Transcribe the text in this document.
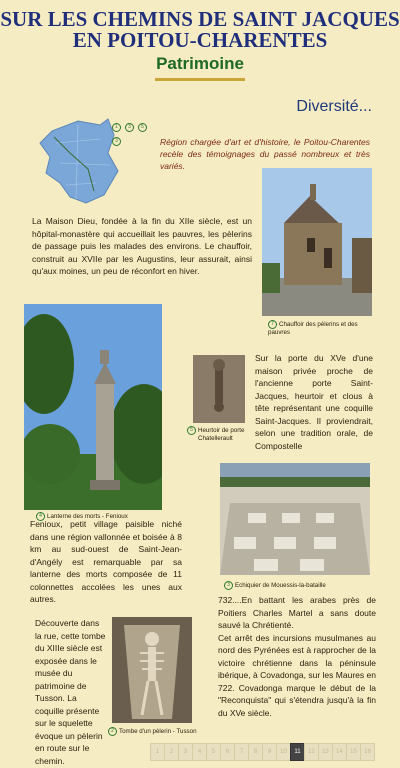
SUR LES CHEMINS DE SAINT JACQUES
EN POITOU-CHARENTES
Patrimoine
Diversité...
1 3 5
3	Région chargée d'art et d'histoire, le Poitou-Charentes recèle des témoignages du passé nombreux et très variés.
7 Chauffoir des pèlerins et des pauvres
La Maison Dieu, fondée à la fin du XIIe siècle, est un hôpital-monastère qui accueillait les pauvres, les pèlerins de passage puis les malades des environs. Le chauffoir, construit au XVIIe par les Augustins, leur assurait, ainsi qu'aux moines, un peu de réconfort en hiver.
4 Lanterne des morts - Fenioux
5 Heurtoir de porte
Chatellerault
Sur la porte du XVe d'une maison privée proche de l'ancienne porte Saint-Jacques, heurtoir et clous à tête représentant une coquille Saint-Jacques. Il proviendrait, selon une tradition orale, de Compostelle
3 Echiquier de Mouessis-la-bataille
Fenioux, petit village paisible niché dans une région vallonnée et boisée à 8 km au sud-ouest de Saint-Jean-d'Angély est remarquable par sa lanterne des morts composée de 11 colonnettes accolées les unes aux autres.	732....En battant les arabes près de Poitiers Charles Martel a sans doute sauvé la Chrétienté.
Cet arrêt des incursions musulmanes au nord des Pyrénées est à rapprocher de la victoire chrétienne dans la péninsule ibérique, à Covadonga, sur les Maures en 722. Covadonga marque le début de la "Reconquista" qui s'étendra jusqu'à la fin du XVe siècle.
Découverte dans la rue, cette tombe du XIIIe siècle est exposée dans le musée du patrimoine de Tusson. La coquille présente sur le squelette évoque un pèlerin en route sur le chemin.
2 Tombe d'un pèlerin - Tusson
1	2	3	4	5	6	7	8	9	10	11	12	13	14	15	16
